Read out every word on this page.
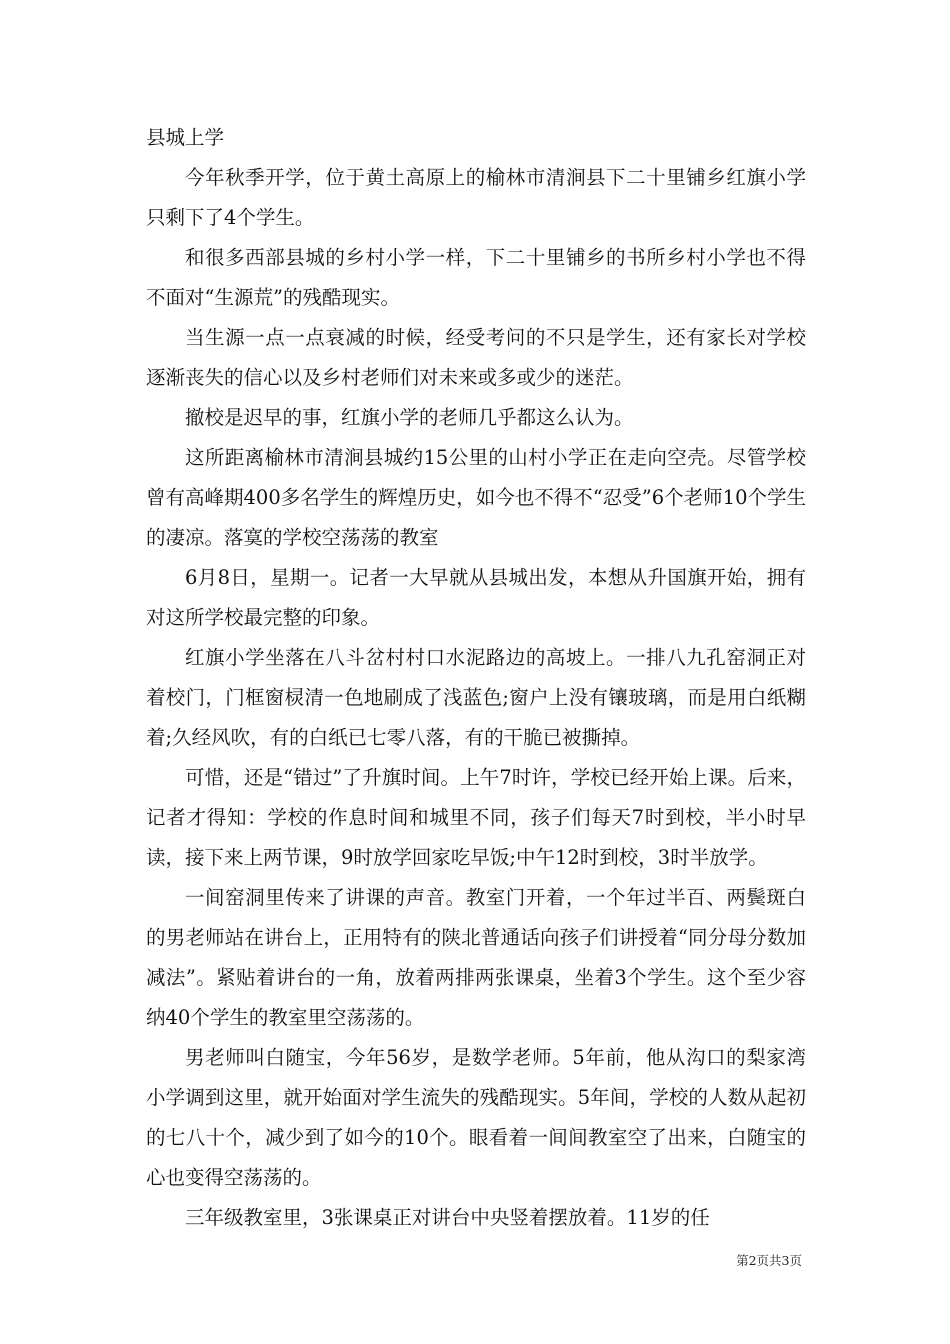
县城上学

今年秋季开学，位于黄土高原上的榆林市清涧县下二十里铺乡红旗小学只剩下了4个学生。

和很多西部县城的乡村小学一样，下二十里铺乡的书所乡村小学也不得不面对“生源荒”的残酷现实。

当生源一点一点衰减的时候，经受考问的不只是学生，还有家长对学校逐渐丧失的信心以及乡村老师们对未来或多或少的迷茫。

撤校是迟早的事，红旗小学的老师几乎都这么认为。

这所距离榆林市清涧县城约15公里的山村小学正在走向空壳。尽管学校曾有高峰期400多名学生的辉煌历史，如今也不得不“忍受”6个老师10个学生的凄凉。落寞的学校空荡荡的教室

6月8日，星期一。记者一大早就从县城出发，本想从升国旗开始，拥有对这所学校最完整的印象。

红旗小学坐落在八斗岔村村口水泥路边的高坡上。一排八九孔窑洞正对着校门，门框窗棂清一色地刷成了浅蓝色;窗户上没有镶玻璃，而是用白纸糊着;久经风吹，有的白纸已七零八落，有的干脆已被撕掉。

可惜，还是“错过”了升旗时间。上午7时许，学校已经开始上课。后来，记者才得知：学校的作息时间和城里不同，孩子们每天7时到校，半小时早读，接下来上两节课，9时放学回家吃早饭;中午12时到校，3时半放学。

一间窑洞里传来了讲课的声音。教室门开着，一个年过半百、两鬓斑白的男老师站在讲台上，正用特有的陕北普通话向孩子们讲授着“同分母分数加减法”。紧贴着讲台的一角，放着两排两张课桌，坐着3个学生。这个至少容纳40个学生的教室里空荡荡的。

男老师叫白随宝，今年56岁，是数学老师。5年前，他从沟口的梨家湾小学调到这里，就开始面对学生流失的残酷现实。5年间，学校的人数从起初的七八十个，减少到了如今的10个。眼看着一间间教室空了出来，白随宝的心也变得空荡荡的。

三年级教室里，3张课桌正对讲台中央竖着摆放着。11岁的任

第2页共3页
